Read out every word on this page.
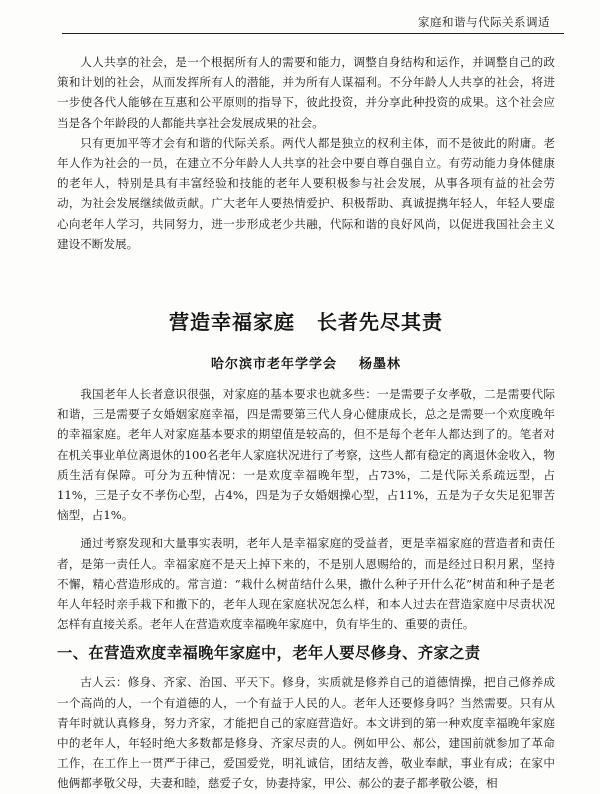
家庭和谐与代际关系调适

人人共享的社会，是一个根据所有人的需要和能力，调整自身结构和运作，并调整自己的政策和计划的社会，从而发挥所有人的潜能，并为所有人谋福利。不分年龄人人共享的社会，将进一步使各代人能够在互惠和公平原则的指导下，彼此投资，并分享此种投资的成果。这个社会应当是各个年龄段的人都能共享社会发展成果的社会。

只有更加平等才会有和谐的代际关系。两代人都是独立的权利主体，而不是彼此的附庸。老年人作为社会的一员，在建立不分年龄人人共享的社会中要自尊自强自立。有劳动能力身体健康的老年人，特别是具有丰富经验和技能的老年人要积极参与社会发展，从事各项有益的社会劳动，为社会发展继续做贡献。广大老年人要热情爱护、积极帮助、真诚提携年轻人，年轻人要虚心向老年人学习，共同努力，进一步形成老少共融，代际和谐的良好风尚，以促进我国社会主义建设不断发展。

营造幸福家庭 长者先尽其责
哈尔滨市老年学学会 杨墨林

我国老年人长者意识很强，对家庭的基本要求也就多些：一是需要子女孝敬，二是需要代际和谐，三是需要子女婚姻家庭幸福，四是需要第三代人身心健康成长，总之是需要一个欢度晚年的幸福家庭。老年人对家庭基本要求的期望值是较高的，但不是每个老年人都达到了的。笔者对在机关事业单位离退休的100名老年人家庭状况进行了考察，这些人都有稳定的离退休金收入，物质生活有保障。可分为五种情况：一是欢度幸福晚年型，占73%，二是代际关系疏远型，占11%，三是子女不孝伤心型，占4%，四是为子女婚姻操心型，占11%，五是为子女失足犯罪苦恼型，占1%。

通过考察发现和大量事实表明，老年人是幸福家庭的受益者，更是幸福家庭的营造者和责任者，是第一责任人。幸福家庭不是天上掉下来的，不是别人恩赐给的，而是经过日积月累，坚持不懈，精心营造形成的。常言道：“栽什么树苗结什么果，撒什么种子开什么花”树苗和种子是老年人年轻时亲手栽下和撒下的，老年人现在家庭状况怎么样，和本人过去在营造家庭中尽责状况怎样有直接关系。老年人在营造欢度幸福晚年家庭中，负有毕生的、重要的责任。

一、在营造欢度幸福晚年家庭中，老年人要尽修身、齐家之责

古人云：修身、齐家、治国、平天下。修身，实质就是修养自己的道德情操，把自己修养成一个高尚的人，一个有道德的人，一个有益于人民的人。老年人还要修身吗？当然需要。只有从青年时就认真修身，努力齐家，才能把自己的家庭营造好。本文讲到的第一种欢度幸福晚年家庭中的老年人，年轻时绝大多数都是修身、齐家尽责的人。例如甲公、郝公，建国前就参加了革命工作，在工作上一贯严于律己，爱国爱党，明礼诚信，团结友善，敬业奉献，事业有成；在家中他俩都孝敬父母，夫妻和睦，慈爱子女，协妻持家，甲公、郝公的妻子都孝敬公婆，相
